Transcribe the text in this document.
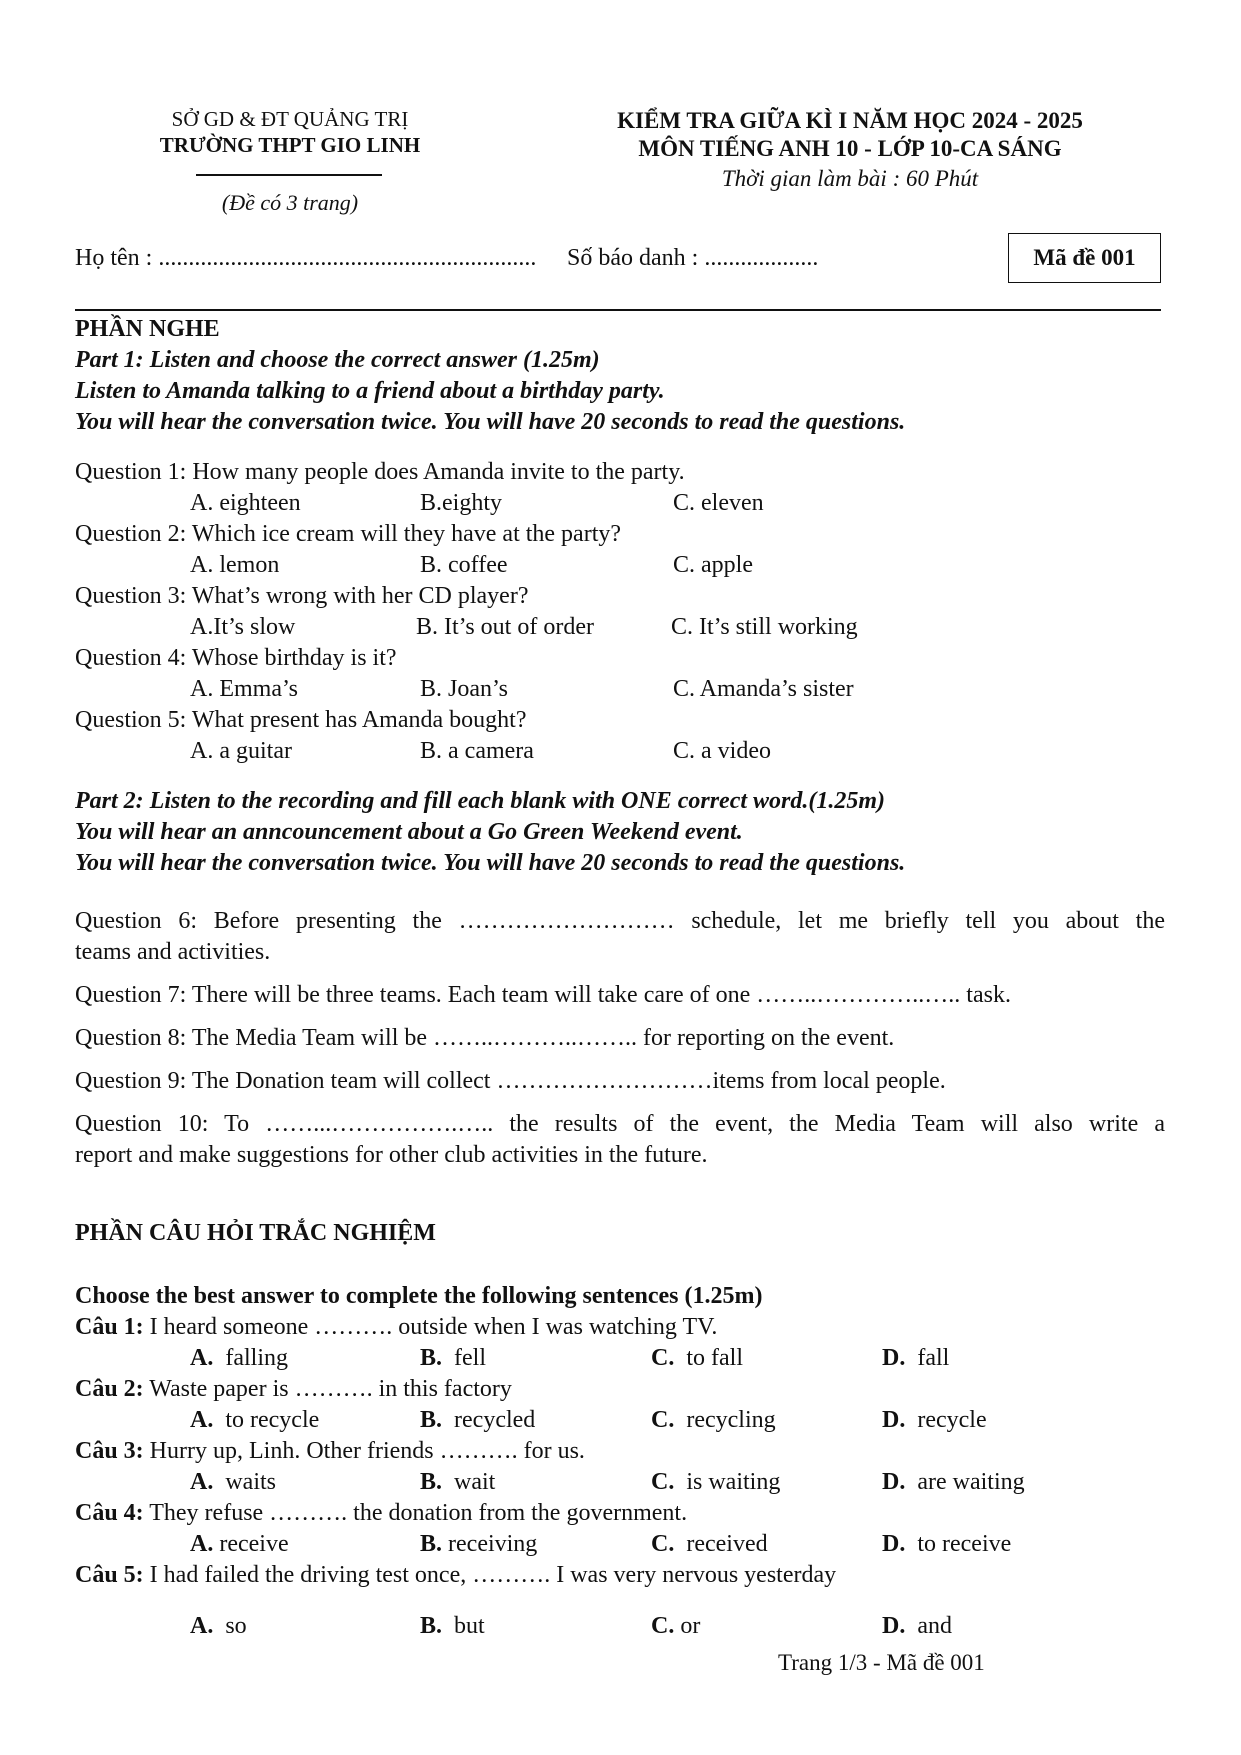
SỞ GD & ĐT QUẢNG TRỊ
TRƯỜNG THPT GIO LINH
(Đề có 3 trang)
KIỂM TRA GIỮA KÌ I NĂM HỌC 2024 - 2025
MÔN TIẾNG ANH 10 - LỚP 10-CA SÁNG
Thời gian làm bài : 60 Phút
Họ tên : ............................................................... Số báo danh : ...................	Mã đề 001
PHẦN NGHE
Part 1: Listen and choose the correct answer (1.25m)
Listen to Amanda talking to a friend about a birthday party.
You will hear the conversation twice. You will have 20 seconds to read the questions.
Question 1: How many people does Amanda invite to the party.
A. eighteen	B.eighty	C. eleven
Question 2: Which ice cream will they have at the party?
A. lemon	B. coffee	C. apple
Question 3: What’s wrong with her CD player?
A.It’s slow	B. It’s out of order	C. It’s still working
Question 4: Whose birthday is it?
A. Emma’s	B. Joan’s	C. Amanda’s sister
Question 5: What present has Amanda bought?
A. a guitar	B. a camera	C. a video
Part 2: Listen to the recording and fill each blank with ONE correct word.(1.25m)
You will hear an anncouncement about a Go Green Weekend event.
You will hear the conversation twice. You will have 20 seconds to read the questions.
Question 6: Before presenting the ……………………… schedule, let me briefly tell you about the
teams and activities.
Question 7: There will be three teams. Each team will take care of one ……..…………..….. task.
Question 8: The Media Team will be ……..………..…….. for reporting on the event.
Question 9: The Donation team will collect ………………………items from local people.
Question 10: To ……...…………….….. the results of the event, the Media Team will also write a
report and make suggestions for other club activities in the future.
PHẦN CÂU HỎI TRẮC NGHIỆM
Choose the best answer to complete the following sentences (1.25m)
Câu 1: I heard someone ………. outside when I was watching TV.
A. falling	B. fell	C. to fall	D. fall
Câu 2: Waste paper is ………. in this factory
A. to recycle	B. recycled	C. recycling	D. recycle
Câu 3: Hurry up, Linh. Other friends ………. for us.
A. waits	B. wait	C. is waiting	D. are waiting
Câu 4: They refuse ………. the donation from the government.
A. receive	B. receiving	C. received	D. to receive
Câu 5: I had failed the driving test once, ………. I was very nervous yesterday
A. so	B. but	C. or	D. and
Trang 1/3 - Mã đề 001
